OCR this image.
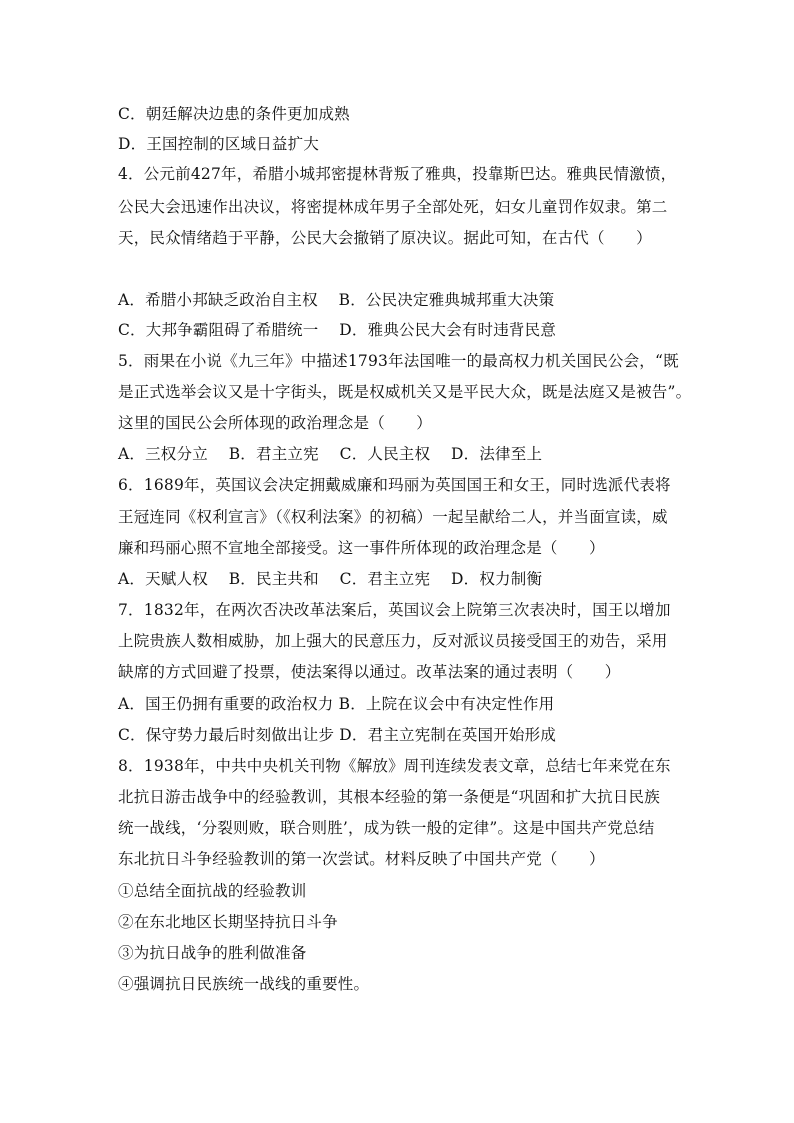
C．朝廷解决边患的条件更加成熟
D．王国控制的区域日益扩大
4．公元前427年，希腊小城邦密提林背叛了雅典，投靠斯巴达。雅典民情激愤，
公民大会迅速作出决议，将密提林成年男子全部处死，妇女儿童罚作奴隶。第二
天，民众情绪趋于平静，公民大会撤销了原决议。据此可知，在古代（　　）
A．希腊小邦缺乏政治自主权　 B．公民决定雅典城邦重大决策
C．大邦争霸阻碍了希腊统一　 D．雅典公民大会有时违背民意
5．雨果在小说《九三年》中描述1793年法国唯一的最高权力机关国民公会，“既
是正式选举会议又是十字街头，既是权威机关又是平民大众，既是法庭又是被告”。
这里的国民公会所体现的政治理念是（　　）
A．三权分立　 B．君主立宪　 C．人民主权　 D．法律至上
6．1689年，英国议会决定拥戴威廉和玛丽为英国国王和女王，同时选派代表将
王冠连同《权利宣言》（《权利法案》的初稿）一起呈献给二人，并当面宣读，威
廉和玛丽心照不宣地全部接受。这一事件所体现的政治理念是（　　）
A．天赋人权　 B．民主共和　 C．君主立宪　 D．权力制衡
7．1832年，在两次否决改革法案后，英国议会上院第三次表决时，国王以增加
上院贵族人数相威胁，加上强大的民意压力，反对派议员接受国王的劝告，采用
缺席的方式回避了投票，使法案得以通过。改革法案的通过表明（　　）
A．国王仍拥有重要的政治权力 B．上院在议会中有决定性作用
C．保守势力最后时刻做出让步 D．君主立宪制在英国开始形成
8．1938年，中共中央机关刊物《解放》周刊连续发表文章，总结七年来党在东
北抗日游击战争中的经验教训，其根本经验的第一条便是“巩固和扩大抗日民族
统一战线，‘分裂则败，联合则胜’，成为铁一般的定律”。这是中国共产党总结
东北抗日斗争经验教训的第一次尝试。材料反映了中国共产党（　　）
①总结全面抗战的经验教训
②在东北地区长期坚持抗日斗争
③为抗日战争的胜利做准备
④强调抗日民族统一战线的重要性。
